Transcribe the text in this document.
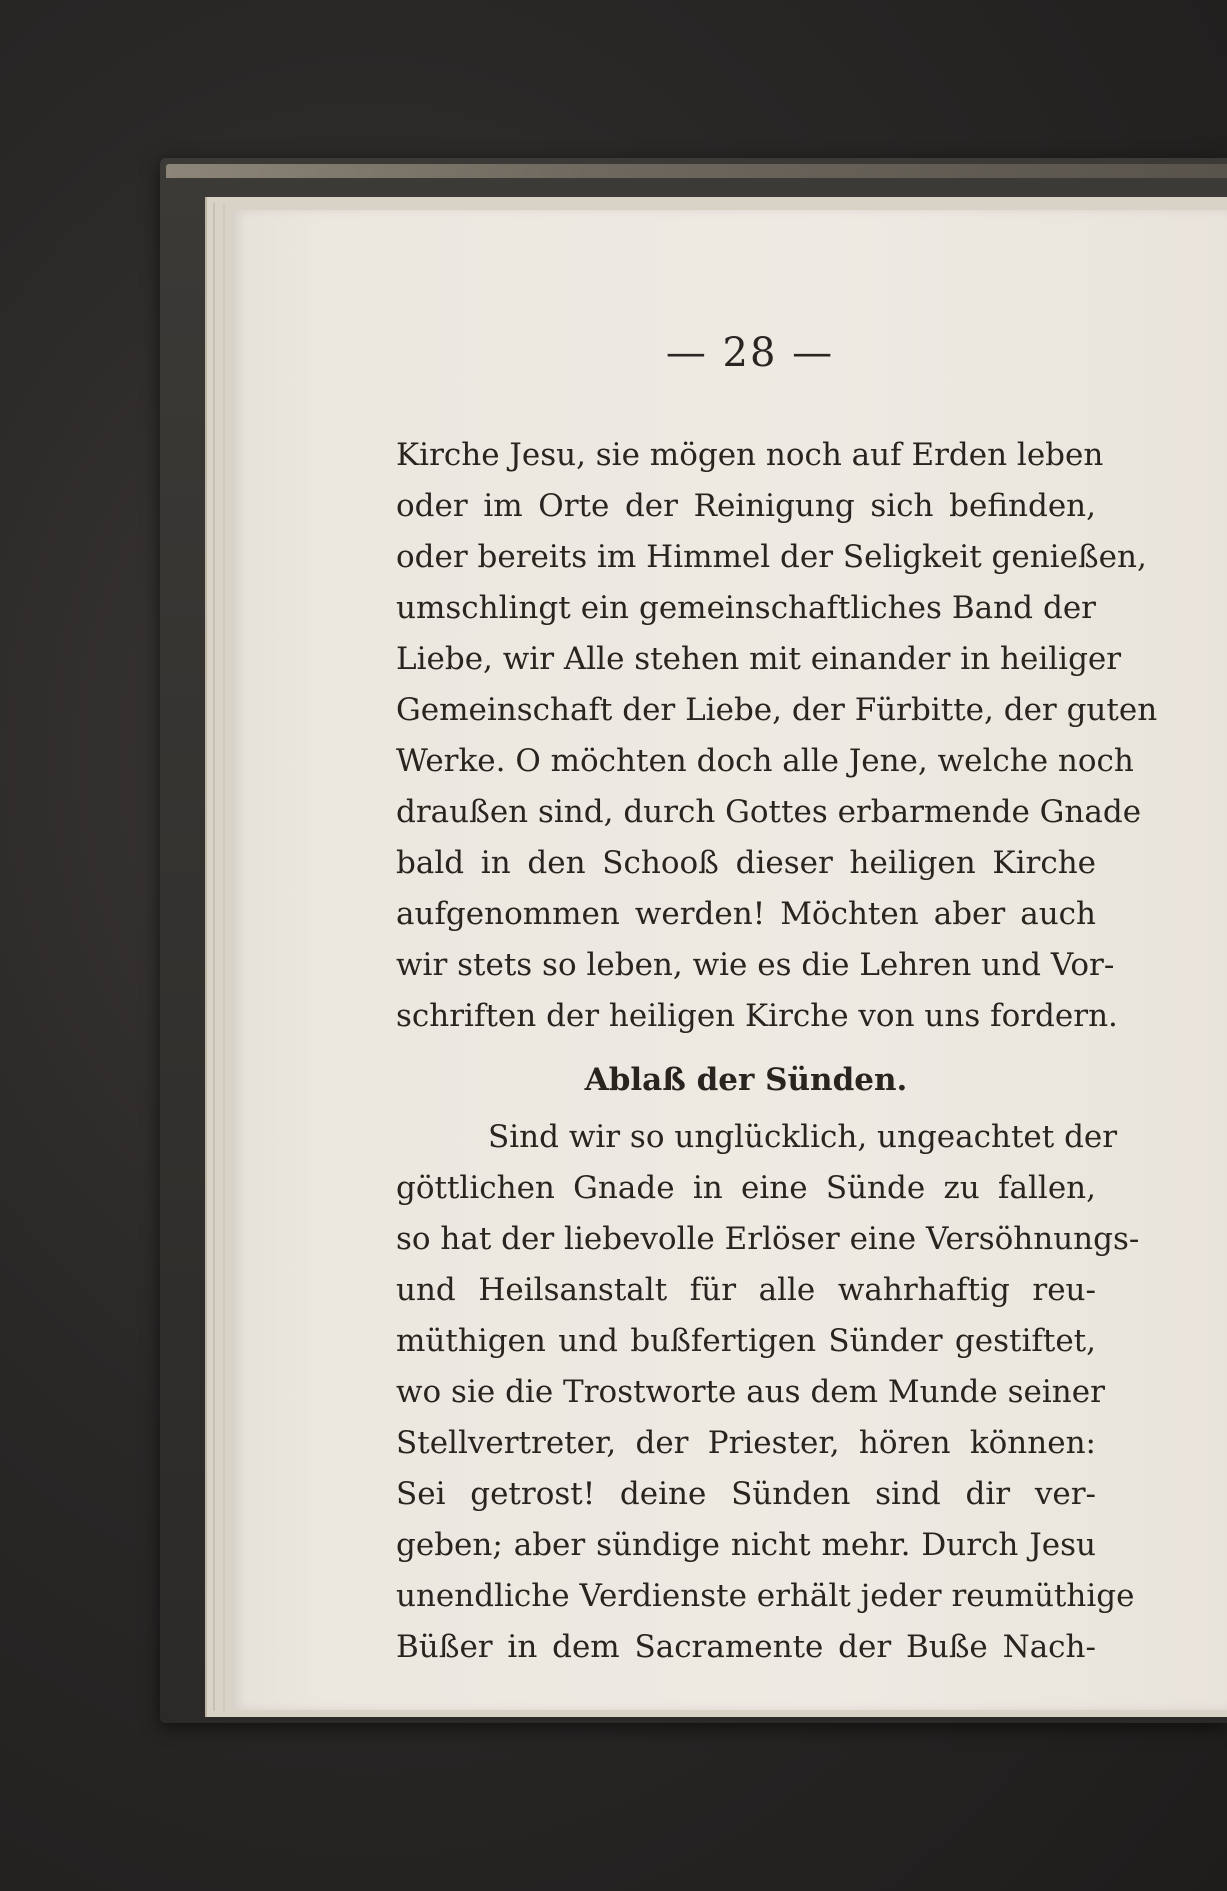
— 28 —
Kirche Jesu, sie mögen noch auf Erden leben
oder im Orte der Reinigung sich befinden,
oder bereits im Himmel der Seligkeit genießen,
umschlingt ein gemeinschaftliches Band der
Liebe, wir Alle stehen mit einander in heiliger
Gemeinschaft der Liebe, der Fürbitte, der guten
Werke. O möchten doch alle Jene, welche noch
draußen sind, durch Gottes erbarmende Gnade
bald in den Schooß dieser heiligen Kirche
aufgenommen werden! Möchten aber auch
wir stets so leben, wie es die Lehren und Vor-
schriften der heiligen Kirche von uns fordern.
Ablaß der Sünden.
Sind wir so unglücklich, ungeachtet der
göttlichen Gnade in eine Sünde zu fallen,
so hat der liebevolle Erlöser eine Versöhnungs-
und Heilsanstalt für alle wahrhaftig reu-
müthigen und bußfertigen Sünder gestiftet,
wo sie die Trostworte aus dem Munde seiner
Stellvertreter, der Priester, hören können:
Sei getrost! deine Sünden sind dir ver-
geben; aber sündige nicht mehr. Durch Jesu
unendliche Verdienste erhält jeder reumüthige
Büßer in dem Sacramente der Buße Nach-
